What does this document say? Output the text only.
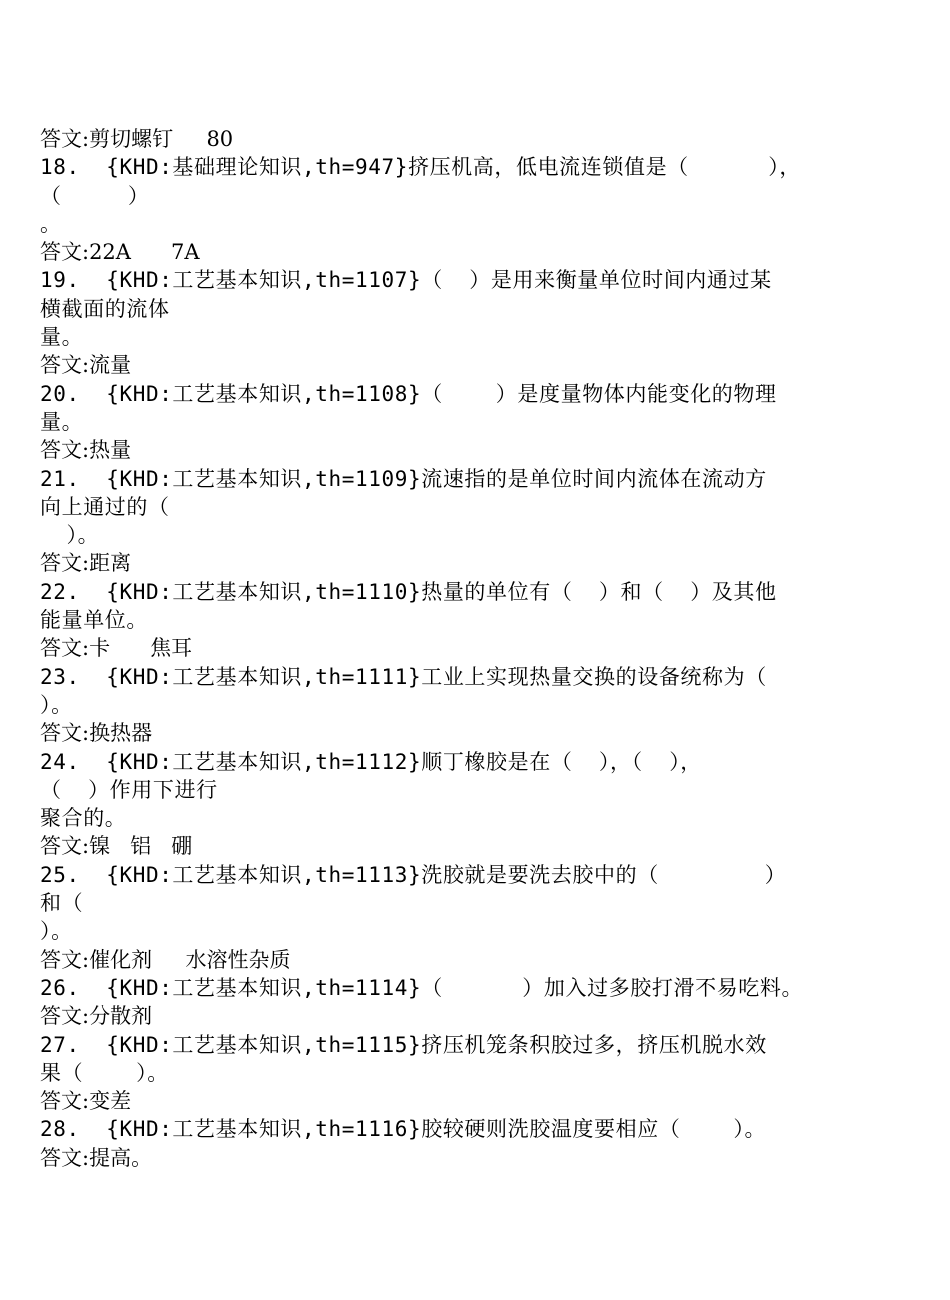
答文:剪切螺钉     80
18.  {KHD:基础理论知识,th=947}挤压机高，低电流连锁值是（      ），
（     ）
。
答文:22A      7A
19.  {KHD:工艺基本知识,th=1107}（  ）是用来衡量单位时间内通过某
横截面的流体
量。
答文:流量
20.  {KHD:工艺基本知识,th=1108}（    ）是度量物体内能变化的物理
量。
答文:热量
21.  {KHD:工艺基本知识,th=1109}流速指的是单位时间内流体在流动方
向上通过的（
）。
答文:距离
22.  {KHD:工艺基本知识,th=1110}热量的单位有（  ）和（  ）及其他
能量单位。
答文:卡      焦耳
23.  {KHD:工艺基本知识,th=1111}工业上实现热量交换的设备统称为（
）。
答文:换热器
24.  {KHD:工艺基本知识,th=1112}顺丁橡胶是在（  ），（  ），
（  ）作用下进行
聚合的。
答文:镍   铝   硼
25.  {KHD:工艺基本知识,th=1113}洗胶就是要洗去胶中的（        ）
和（
）。
答文:催化剂     水溶性杂质
26.  {KHD:工艺基本知识,th=1114}（      ）加入过多胶打滑不易吃料。
答文:分散剂
27.  {KHD:工艺基本知识,th=1115}挤压机笼条积胶过多，挤压机脱水效
果（    ）。
答文:变差
28.  {KHD:工艺基本知识,th=1116}胶较硬则洗胶温度要相应（    ）。
答文:提高。
